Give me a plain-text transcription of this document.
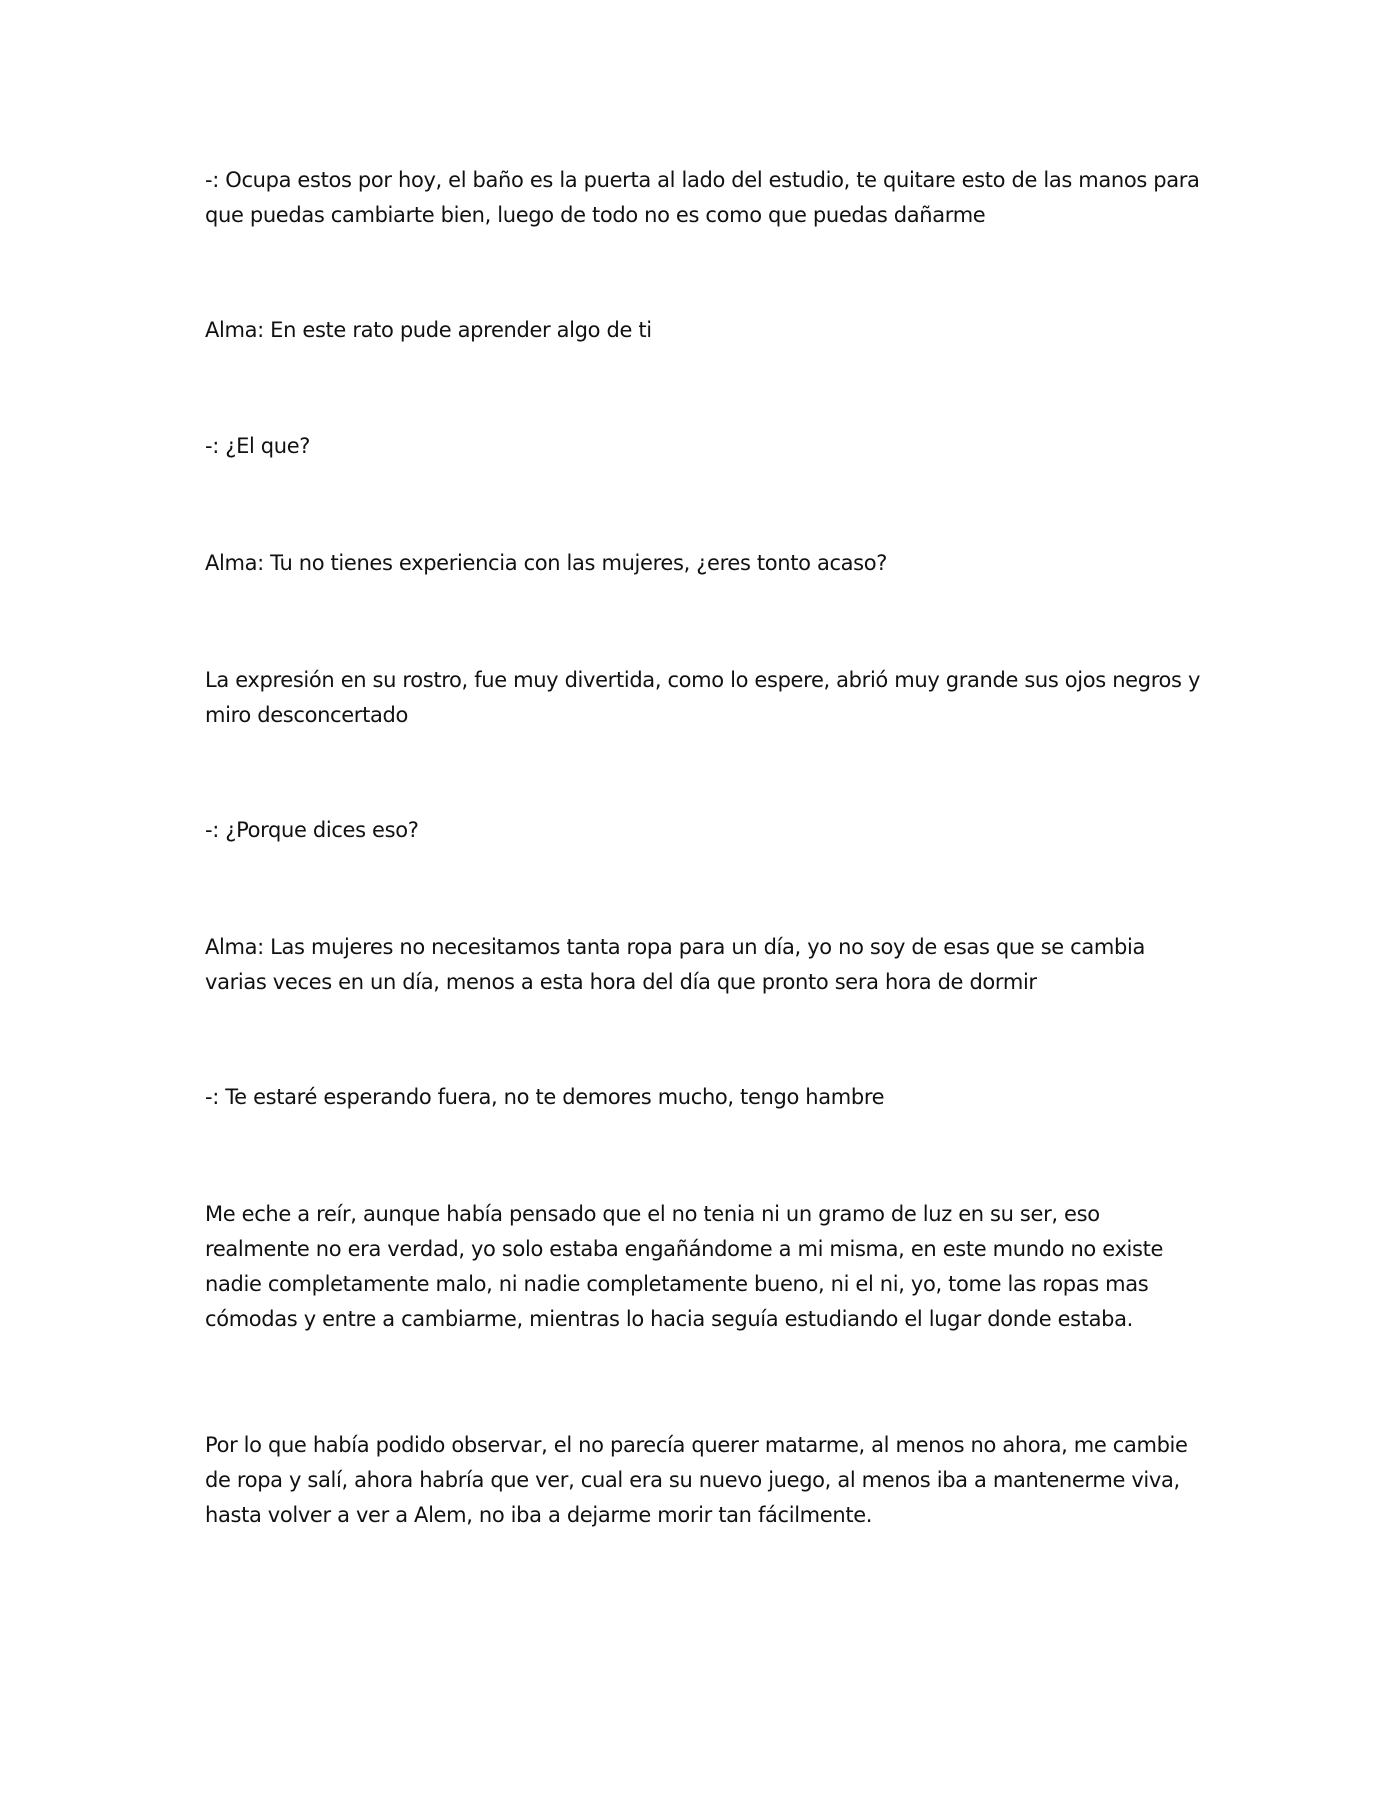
-: Ocupa estos por hoy, el baño es la puerta al lado del estudio, te quitare esto de las manos para que puedas cambiarte bien, luego de todo no es como que puedas dañarme

Alma: En este rato pude aprender algo de ti

-: ¿El que?

Alma: Tu no tienes experiencia con las mujeres, ¿eres tonto acaso?

La expresión en su rostro, fue muy divertida, como lo espere, abrió muy grande sus ojos negros y miro desconcertado

-: ¿Porque dices eso?

Alma: Las mujeres no necesitamos tanta ropa para un día, yo no soy de esas que se cambia varias veces en un día, menos a esta hora del día que pronto sera hora de dormir

-: Te estaré esperando fuera, no te demores mucho, tengo hambre

Me eche a reír, aunque había pensado que el no tenia ni un gramo de luz en su ser, eso realmente no era verdad, yo solo estaba engañándome a mi misma, en este mundo no existe nadie completamente malo, ni nadie completamente bueno, ni el ni, yo, tome las ropas mas cómodas y entre a cambiarme, mientras lo hacia seguía estudiando el lugar donde estaba.

Por lo que había podido observar, el no parecía querer matarme, al menos no ahora, me cambie de ropa y salí, ahora habría que ver, cual era su nuevo juego, al menos iba a mantenerme viva, hasta volver a ver a Alem, no iba a dejarme morir tan fácilmente.
